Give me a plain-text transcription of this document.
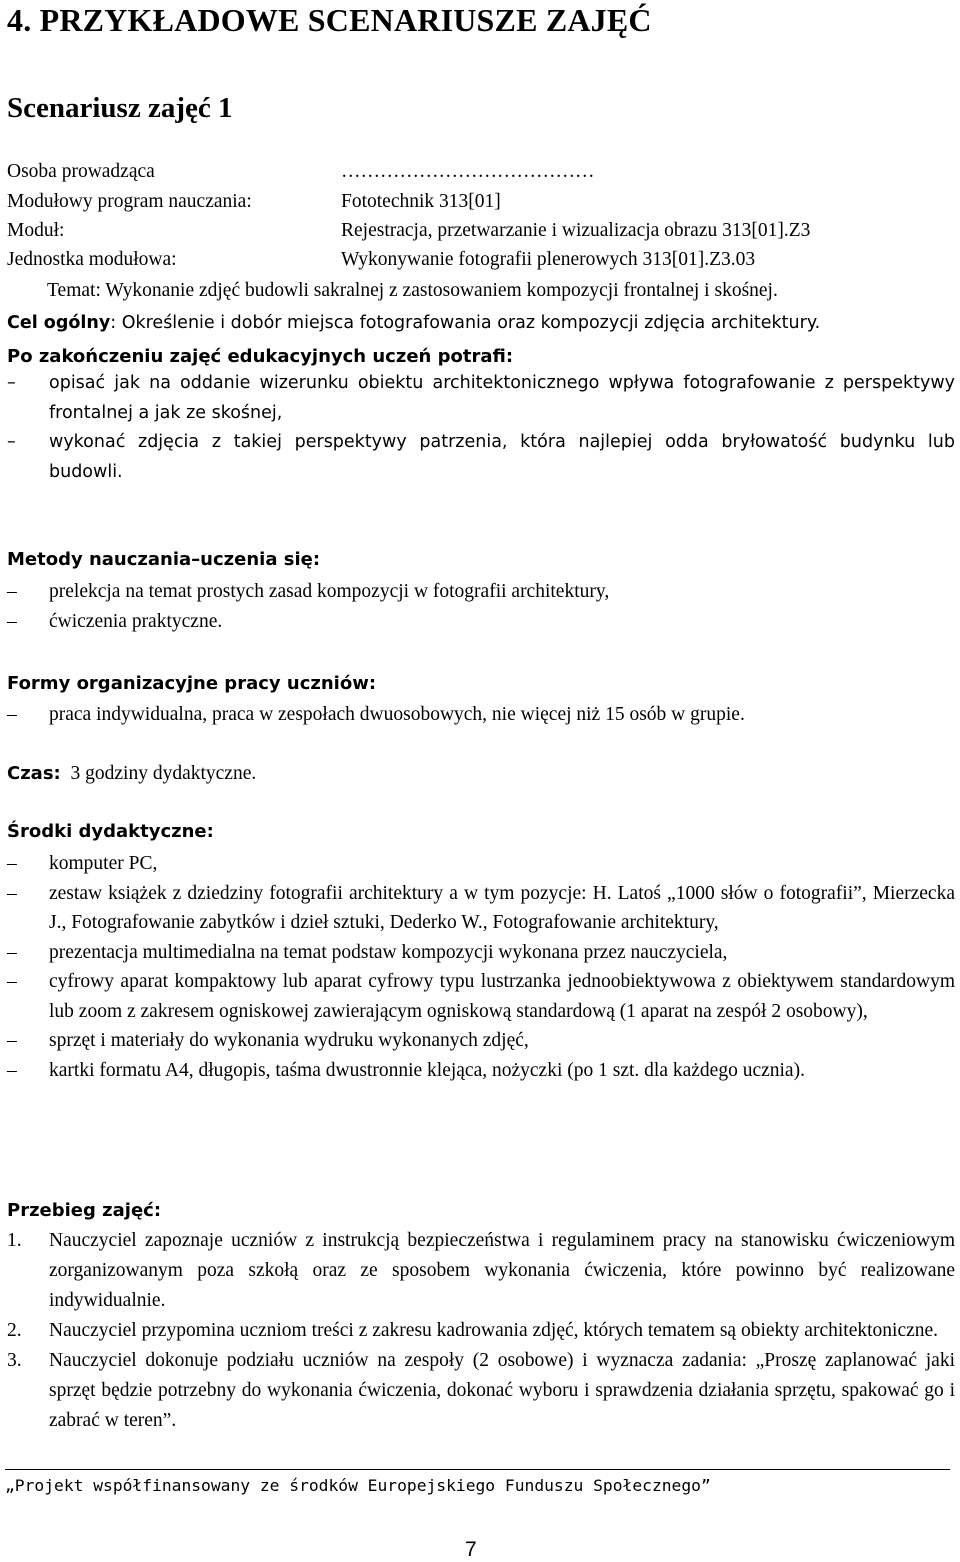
4. PRZYKŁADOWE SCENARIUSZE ZAJĘĆ
Scenariusz zajęć 1
Osoba prowadząca	…………………………………
Modułowy program nauczania:	Fototechnik 313[01]
Moduł:	Rejestracja, przetwarzanie i wizualizacja obrazu 313[01].Z3
Jednostka modułowa:	Wykonywanie fotografii plenerowych 313[01].Z3.03
Temat: Wykonanie zdjęć budowli sakralnej z zastosowaniem kompozycji frontalnej i skośnej.
Cel ogólny: Określenie i dobór miejsca fotografowania oraz kompozycji zdjęcia architektury.
Po zakończeniu zajęć edukacyjnych uczeń potrafi:
–	opisać jak na oddanie wizerunku obiektu architektonicznego wpływa fotografowanie z perspektywy frontalnej a jak ze skośnej,
–	wykonać zdjęcia z takiej perspektywy patrzenia, która najlepiej odda bryłowatość budynku lub budowli.
Metody nauczania–uczenia się:
–	prelekcja na temat prostych zasad kompozycji w fotografii architektury,
–	ćwiczenia praktyczne.
Formy organizacyjne pracy uczniów:
–	praca indywidualna, praca w zespołach dwuosobowych, nie więcej niż 15 osób w grupie.
Czas: 3 godziny dydaktyczne.
Środki dydaktyczne:
–	komputer PC,
–	zestaw książek z dziedziny fotografii architektury a w tym pozycje: H. Latoś „1000 słów o fotografii”, Mierzecka J., Fotografowanie zabytków i dzieł sztuki, Dederko W., Fotografowanie architektury,
–	prezentacja multimedialna na temat podstaw kompozycji wykonana przez nauczyciela,
–	cyfrowy aparat kompaktowy lub aparat cyfrowy typu lustrzanka jednoobiektywowa z obiektywem standardowym lub zoom z zakresem ogniskowej zawierającym ogniskową standardową (1 aparat na zespół 2 osobowy),
–	sprzęt i materiały do wykonania wydruku wykonanych zdjęć,
–	kartki formatu A4, długopis, taśma dwustronnie klejąca, nożyczki (po 1 szt. dla każdego ucznia).
Przebieg zajęć:
1. Nauczyciel zapoznaje uczniów z instrukcją bezpieczeństwa i regulaminem pracy na stanowisku ćwiczeniowym zorganizowanym poza szkołą oraz ze sposobem wykonania ćwiczenia, które powinno być realizowane indywidualnie.
2. Nauczyciel przypomina uczniom treści z zakresu kadrowania zdjęć, których tematem są obiekty architektoniczne.
3. Nauczyciel dokonuje podziału uczniów na zespoły (2 osobowe) i wyznacza zadania: „Proszę zaplanować jaki sprzęt będzie potrzebny do wykonania ćwiczenia, dokonać wyboru i sprawdzenia działania sprzętu, spakować go i zabrać w teren”.
„Projekt współfinansowany ze środków Europejskiego Funduszu Społecznego”
7
